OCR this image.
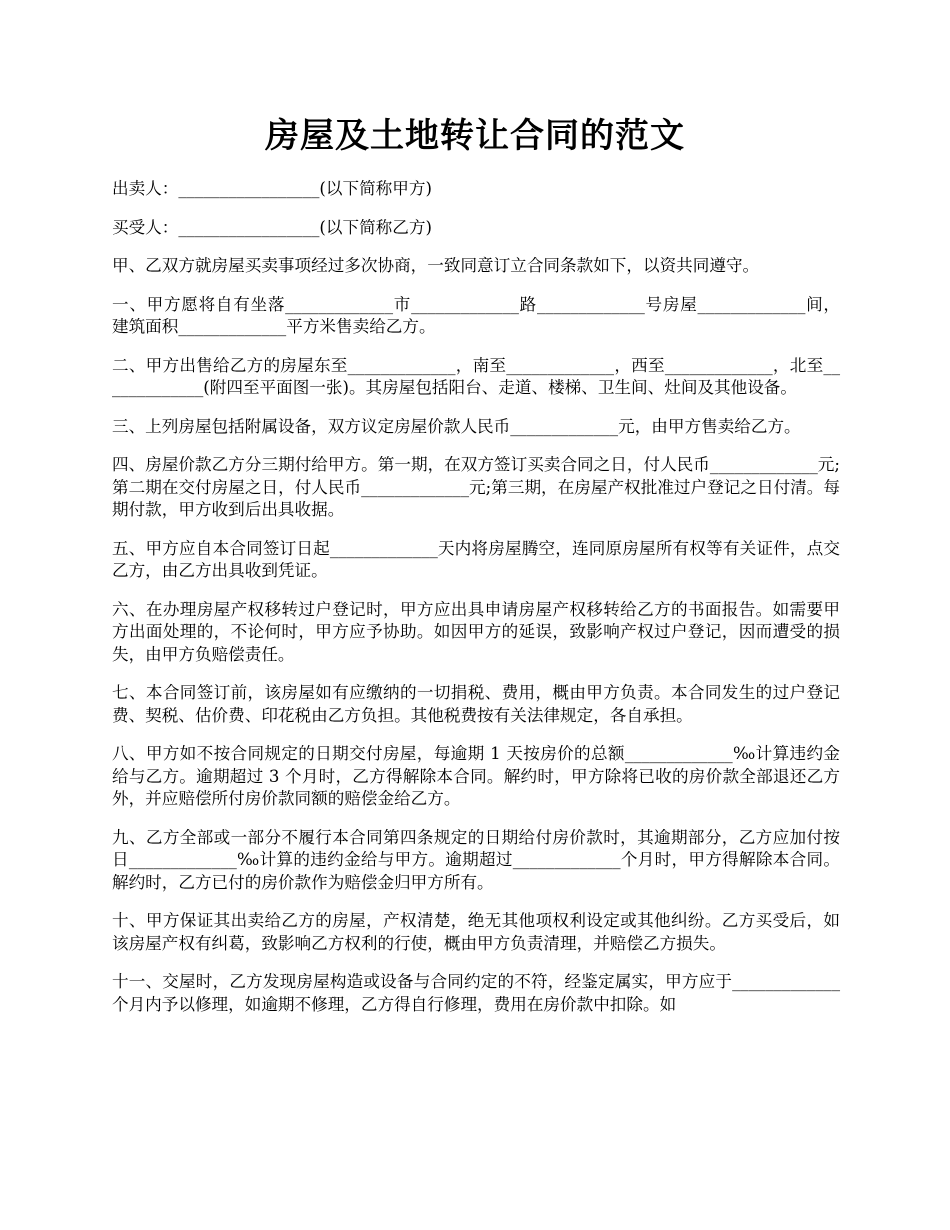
房屋及土地转让合同的范文

出卖人：_________________(以下简称甲方)

买受人：_________________(以下简称乙方)

甲、乙双方就房屋买卖事项经过多次协商，一致同意订立合同条款如下，以资共同遵守。

一、甲方愿将自有坐落_____________市_____________路_____________号房屋_____________间，建筑面积_____________平方米售卖给乙方。

二、甲方出售给乙方的房屋东至_____________，南至_____________，西至_____________，北至_____________(附四至平面图一张)。其房屋包括阳台、走道、楼梯、卫生间、灶间及其他设备。

三、上列房屋包括附属设备，双方议定房屋价款人民币_____________元，由甲方售卖给乙方。

四、房屋价款乙方分三期付给甲方。第一期，在双方签订买卖合同之日，付人民币_____________元;第二期在交付房屋之日，付人民币_____________元;第三期，在房屋产权批准过户登记之日付清。每期付款，甲方收到后出具收据。

五、甲方应自本合同签订日起_____________天内将房屋腾空，连同原房屋所有权等有关证件，点交乙方，由乙方出具收到凭证。

六、在办理房屋产权移转过户登记时，甲方应出具申请房屋产权移转给乙方的书面报告。如需要甲方出面处理的，不论何时，甲方应予协助。如因甲方的延误，致影响产权过户登记，因而遭受的损失，由甲方负赔偿责任。

七、本合同签订前，该房屋如有应缴纳的一切捐税、费用，概由甲方负责。本合同发生的过户登记费、契税、估价费、印花税由乙方负担。其他税费按有关法律规定，各自承担。

八、甲方如不按合同规定的日期交付房屋，每逾期 1 天按房价的总额_____________‰计算违约金给与乙方。逾期超过 3 个月时，乙方得解除本合同。解约时，甲方除将已收的房价款全部退还乙方外，并应赔偿所付房价款同额的赔偿金给乙方。

九、乙方全部或一部分不履行本合同第四条规定的日期给付房价款时，其逾期部分，乙方应加付按日_____________‰计算的违约金给与甲方。逾期超过_____________个月时，甲方得解除本合同。解约时，乙方已付的房价款作为赔偿金归甲方所有。

十、甲方保证其出卖给乙方的房屋，产权清楚，绝无其他项权利设定或其他纠纷。乙方买受后，如该房屋产权有纠葛，致影响乙方权利的行使，概由甲方负责清理，并赔偿乙方损失。

十一、交屋时，乙方发现房屋构造或设备与合同约定的不符，经鉴定属实，甲方应于_____________个月内予以修理，如逾期不修理，乙方得自行修理，费用在房价款中扣除。如
